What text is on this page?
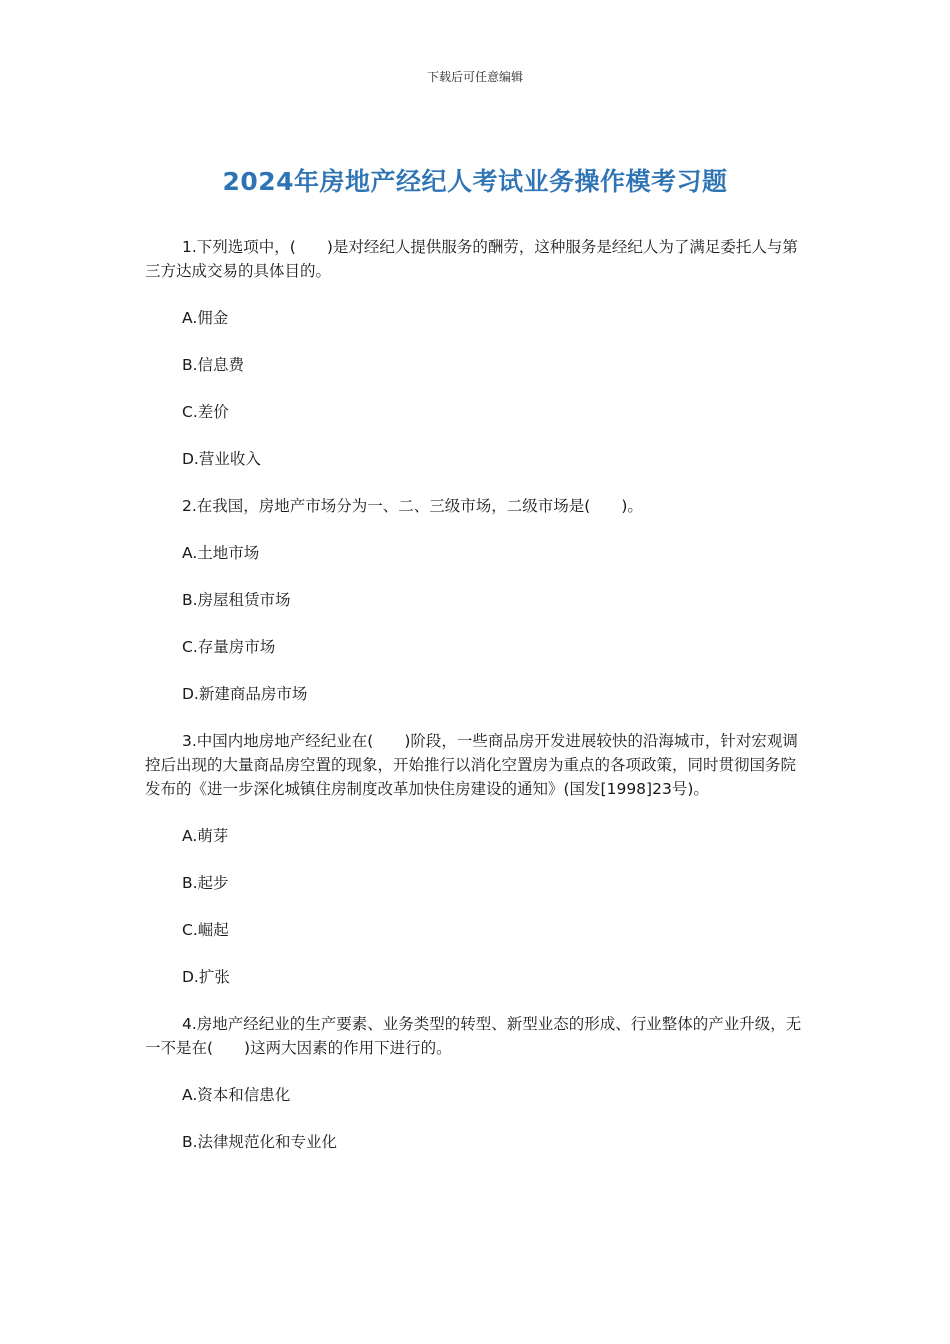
下载后可任意编辑
2024年房地产经纪人考试业务操作模考习题

1.下列选项中，(　　)是对经纪人提供服务的酬劳，这种服务是经纪人为了满足委托人与第三方达成交易的具体目的。

A.佣金

B.信息费

C.差价

D.营业收入

2.在我国，房地产市场分为一、二、三级市场，二级市场是(　　)。

A.土地市场

B.房屋租赁市场

C.存量房市场

D.新建商品房市场

3.中国内地房地产经纪业在(　　)阶段，一些商品房开发进展较快的沿海城市，针对宏观调控后出现的大量商品房空置的现象，开始推行以消化空置房为重点的各项政策，同时贯彻国务院发布的《进一步深化城镇住房制度改革加快住房建设的通知》(国发[1998]23号)。

A.萌芽

B.起步

C.崛起

D.扩张

4.房地产经纪业的生产要素、业务类型的转型、新型业态的形成、行业整体的产业升级，无一不是在(　　)这两大因素的作用下进行的。

A.资本和信患化

B.法律规范化和专业化
